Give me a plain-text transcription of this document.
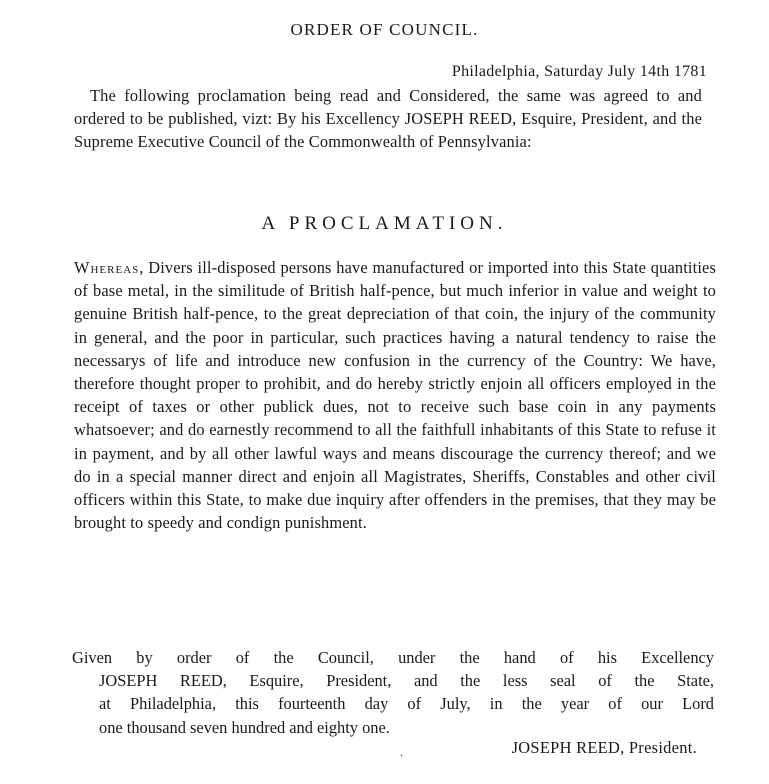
ORDER OF COUNCIL.
Philadelphia, Saturday July 14th 1781
The following proclamation being read and Considered, the same was agreed to and ordered to be published, vizt: By his Excellency JOSEPH REED, Esquire, President, and the Supreme Executive Council of the Commonwealth of Pennsylvania:
A PROCLAMATION.
Whereas, Divers ill-disposed persons have manufactured or imported into this State quantities of base metal, in the similitude of British half-pence, but much inferior in value and weight to genuine British half-pence, to the great depreciation of that coin, the injury of the community in general, and the poor in particular, such practices having a natural tendency to raise the necessarys of life and introduce new confusion in the currency of the Country: We have, therefore thought proper to prohibit, and do hereby strictly enjoin all officers employed in the receipt of taxes or other publick dues, not to receive such base coin in any payments whatsoever; and do earnestly recommend to all the faithfull inhabitants of this State to refuse it in payment, and by all other lawful ways and means discourage the currency thereof; and we do in a special manner direct and enjoin all Magistrates, Sheriffs, Constables and other civil officers within this State, to make due inquiry after offenders in the premises, that they may be brought to speedy and condign punishment.
Given by order of the Council, under the hand of his Excellency
JOSEPH REED, Esquire, President, and the less seal of the State,
at Philadelphia, this fourteenth day of July, in the year of our Lord
one thousand seven hundred and eighty one.
.	JOSEPH REED, President.
